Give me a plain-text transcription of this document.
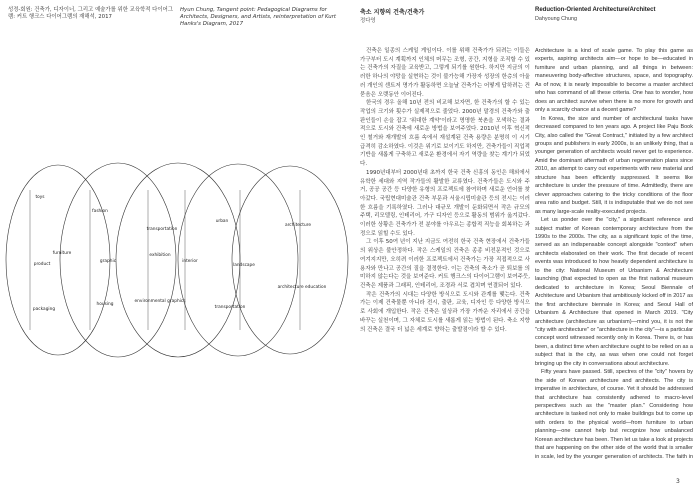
성정-회원: 건축가, 디자이너, 그리고 예술가를 위한 교육학적 다이어그램: 커트 행크스 다이어그램의 재해석, 2017
Hyun Chung, Tangent point: Pedagogical Diagrams for Architects, Designers, and Artists, reinterpretation of Kurt Hanks's Diagram, 2017
축소 지향의 건축/건축가
정다영
Reduction-Oriented Architecture/Architect
Dahyoung Chung
toys
product
furniture
packaging
fashion
graphic
housing
transportation
exhibition
interior
environmental graphics
urban
landscape
transportation
architecture
architecture education

건축은 일종의 스케일 게임이다. 이를 위해 건축가가 되려는 이들은 가구부터 도시 계획까지 인체의 머무는 조형, 공간, 지형을 조직할 수 있는 건축가의 자질을 교육받고, 그렇게 되기를 원한다. 하지만 지금의 이러한 하나의 야망을 실현하는 것이 불가능해 가장자 성장의 한층의 아울러 개인의 센트저 명가가 활동하면 오늘날 건축가는 어떻게 답하려는 건 묻음은 오랫동안 이어진다.

한국의 경우 올해 10년 전의 비교해 보자면, 한 건축가의 할 수 있는 작업의 크기와 횟수가 실제적으로 줄었다. 2000년 말경의 건축가와 출판인들이 손을 잡고 '위대한 계약'이라고 명명한 북촌을 모색하는 결과적으로 도시와 건축에 새로운 방법을 보여주었다. 2010년 이후 혁신적인 철거와 재개발의 흐름 속에서 재설계된 건축 용량은 분명히 이 시기 급격히 감소하였다. 이것은 위기로 보이기도 하지만, 건축가들이 직업적 기반을 새롭게 구축하고 새로운 환경에서 자기 역량을 찾는 계기가 되었다.

1990년대부터 2000년대 초까지 한국 건축 신흥의 동인은 해외에서 유학한 세대와 지역 작가들의 활발한 교류였다. 건축가들은 도시와 주거, 공공 공간 등 다양한 유형의 프로젝트에 참여하며 새로운 언어를 찾아갔다. 국립현대미술관 건축 부문과 서울시립미술관 등의 전시는 이러한 흐름을 기록하였다. 그러나 대규모 개발이 둔화되면서 작은 규모의 주택, 리모델링, 인테리어, 가구 디자인 등으로 활동의 범위가 옮겨갔다. 이러한 상황은 건축가가 전 분야를 아우르는 종합적 직능을 회복하는 과정으로 읽힐 수도 있다.

그 이후 50여 년이 지난 지금도 여전히 한국 건축 현장에서 건축가들의 위상은 불안정하다. 작은 스케일의 건축은 종종 비전문적인 것으로 여겨지지만, 오히려 이러한 프로젝트에서 건축가는 가장 직접적으로 사용자와 만나고 공간의 질을 결정한다. 이는 건축의 축소가 곧 퇴보를 의미하지 않는다는 것을 보여준다. 커트 행크스의 다이어그램이 보여주듯, 건축은 제품과 그래픽, 인테리어, 조경과 서로 겹치며 연결되어 있다.

작은 건축가의 시대는 다양한 방식으로 도시와 관계를 맺는다. 건축가는 이제 건축물뿐 아니라 전시, 출판, 교육, 디자인 등 다양한 방식으로 사회에 개입한다. 작은 건축은 일상과 가장 가까운 자리에서 공간을 바꾸는 실천이며, 그 자체로 도시를 새롭게 읽는 방법이 된다. 축소 지향의 건축은 결국 더 넓은 세계로 향하는 출발점이라 할 수 있다.

Architecture is a kind of scale game. To play this game as experts, aspiring architects aim—or hope to be—educated in furniture and urban planning, and all things in between: maneuvering body-affective structures, space, and topography. As of now, it is nearly impossible to become a master architect who has command of all these criteria. One has to wonder, how does an architect survive when there is no more for growth and only a scarcity chance at a decent game?

In Korea, the size and number of architectural tasks have decreased compared to ten years ago. A project like Paju Book City, also called the "Great Contract," initiated by a few architect groups and publishers in early 2000s, is an unlikely thing, that a younger generation of architects would never get to experience. Amid the dominant aftermath of urban regeneration plans since 2010, an attempt to carry out experiments with new material and structure has been efficiently suppressed. It seems like architecture is under the pressure of time. Admittedly, there are clever approaches catering to the tricky conditions of the floor area ratio and budget. Still, it is indisputable that we do not see as many large-scale reality-executed projects.

Let us ponder over the "city," a significant reference and subject matter of Korean contemporary architecture from the 1990s to the 2000s. The city, as a significant topic of the time, served as an indispensable concept alongside "context" when architects elaborated on their work. The first decade of recent events was introduced to how heavily dependent architecture is to the city: National Museum of Urbanism & Architecture launching (that expected to open as the first national museum dedicated to architecture in Korea; Seoul Biennale of Architecture and Urbanism that ambitiously kicked off in 2017 as the first architecture biennale in Korea; and Seoul Hall of Urbanism & Architecture that opened in March 2019. "City architecture (architecture as urbanism)—mind you, it is not the "city with architecture" or "architecture in the city"—is a particular concept word witnessed recently only in Korea. There is, or has been, a distinct time when architecture ought to be relied on as a subject that is the city, as was when one could not forget bringing up the city in conversations about architecture.

Fifty years have passed. Still, spectres of the "city" hovers by the side of Korean architecture and architects. The city is imperative in architecture, of course. Yet it should be addressed that architecture has consistently adhered to macro-level perspectives such as the "master plan." Considering how architecture is tasked not only to make buildings but to come up with orders to the physical world—from furniture to urban planning—one cannot help but recognize how unbalanced Korean architecture has been. Then let us take a look at projects that are happening on the other side of the world that is smaller in scale, led by the younger generation of architects. The faith in

3
